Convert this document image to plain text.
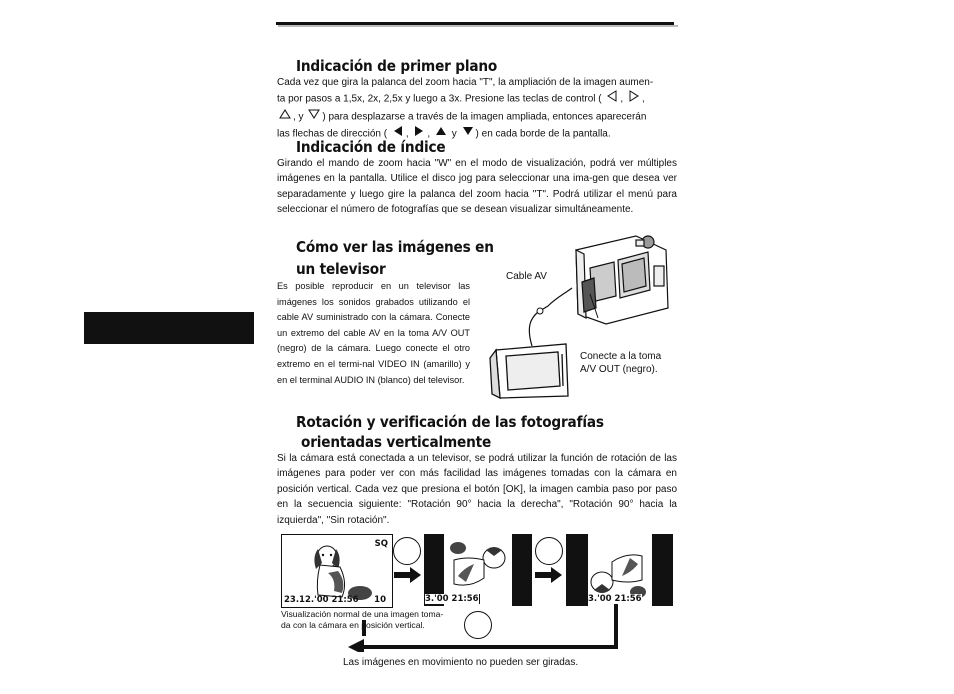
Indicación de primer plano
Cada vez que gira la palanca del zoom hacia "T", la ampliación de la imagen aumen-
ta por pasos a 1,5x, 2x, 2,5x y luego a 3x. Presione las teclas de control ( , ,
, y ) para desplazarse a través de la imagen ampliada, entonces aparecerán
las flechas de dirección ( , , y ) en cada borde de la pantalla.
Indicación de índice
Girando el mando de zoom hacia "W" en el modo de visualización, podrá ver múltiples imágenes en la pantalla. Utilice el disco jog para seleccionar una ima-gen que desea ver separadamente y luego gire la palanca del zoom hacia "T". Podrá utilizar el menú para seleccionar el número de fotografías que se desean visualizar simultáneamente.
Cómo ver las imágenes en
un televisor
Es posible reproducir en un televisor las imágenes los sonidos grabados utilizando el cable AV suministrado con la cámara. Conecte un extremo del cable AV en la toma A/V OUT (negro) de la cámara. Luego conecte el otro extremo en el termi-nal VIDEO IN (amarillo) y en el terminal AUDIO IN (blanco) del televisor.
Cable AV
Conecte a la toma
A/V OUT (negro).
Rotación y verificación de las fotografías
orientadas verticalmente
Si la cámara está conectada a un televisor, se podrá utilizar la función de rotación de las imágenes para poder ver con más facilidad las imágenes tomadas con la cámara en posición vertical. Cada vez que presiona el botón [OK], la imagen cambia paso por paso en la secuencia siguiente: "Rotación 90° hacia la derecha", "Rotación 90° hacia la izquierda", "Sin rotación".
SQ
23.12.'00 21:56 10	3.'00 21:56	3.'00 21:56
Visualización normal de una imagen toma-
da con la cámara en posición vertical.
Las imágenes en movimiento no pueden ser giradas.
